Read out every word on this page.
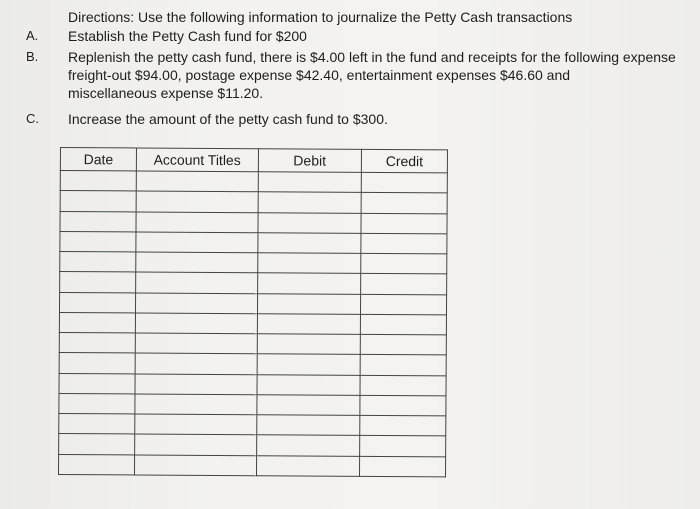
Directions: Use the following information to journalize the Petty Cash transactions
A. Establish the Petty Cash fund for $200
B. Replenish the petty cash fund, there is $4.00 left in the fund and receipts for the following expense
freight-out $94.00, postage expense $42.40, entertainment expenses $46.60 and
miscellaneous expense $11.20.
C. Increase the amount of the petty cash fund to $300.
Date	Account Titles	Debit	Credit
